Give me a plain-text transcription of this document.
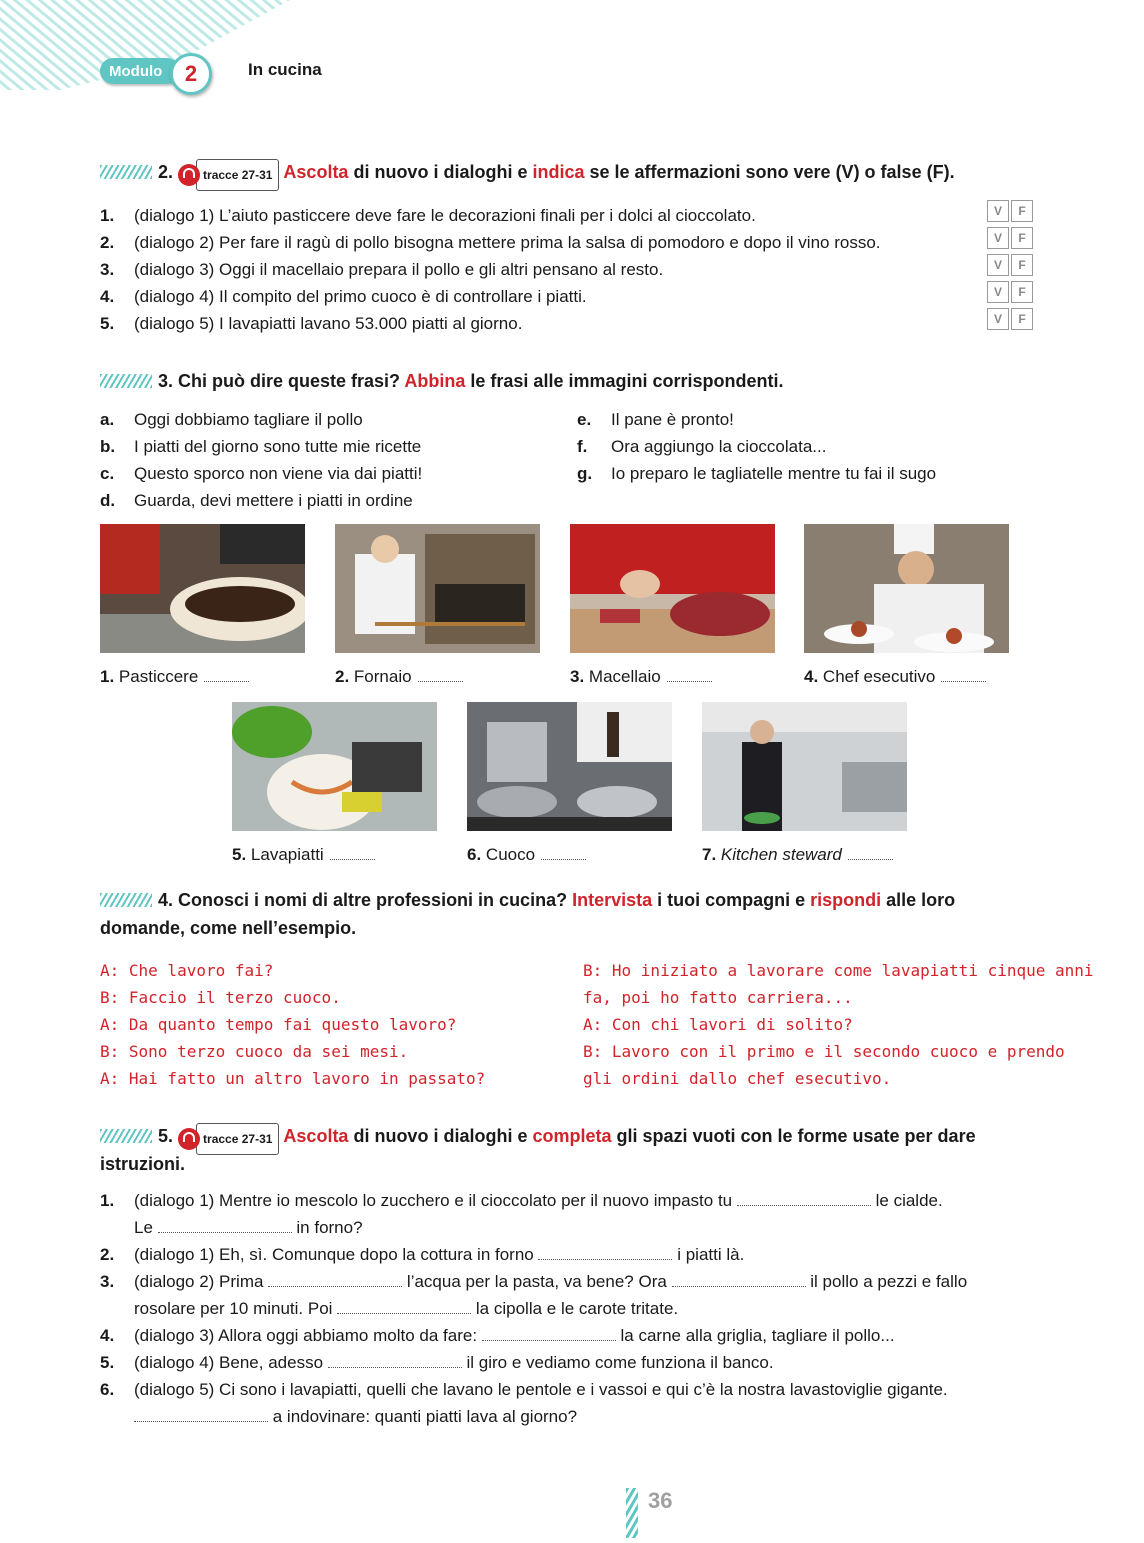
Modulo	2	In cucina
2.	tracce 27-31 Ascolta di nuovo i dialoghi e indica se le affermazioni sono vere (V) o false (F).
1. (dialogo 1) L’aiuto pasticcere deve fare le decorazioni finali per i dolci al cioccolato.	V F
2. (dialogo 2) Per fare il ragù di pollo bisogna mettere prima la salsa di pomodoro e dopo il vino rosso.	V F
3. (dialogo 3) Oggi il macellaio prepara il pollo e gli altri pensano al resto.	V F
4. (dialogo 4) Il compito del primo cuoco è di controllare i piatti.	V F
5. (dialogo 5) I lavapiatti lavano 53.000 piatti al giorno.	V F
3. Chi può dire queste frasi? Abbina le frasi alle immagini corrispondenti.
a. Oggi dobbiamo tagliare il pollo
b. I piatti del giorno sono tutte mie ricette
c. Questo sporco non viene via dai piatti!
d. Guarda, devi mettere i piatti in ordine
e. Il pane è pronto!
f. Ora aggiungo la cioccolata...
g. Io preparo le tagliatelle mentre tu fai il sugo
1. Pasticcere	2. Fornaio	3. Macellaio	4. Chef esecutivo
5. Lavapiatti	6. Cuoco	7. Kitchen steward
4. Conosci i nomi di altre professioni in cucina? Intervista i tuoi compagni e rispondi alle loro
domande, come nell’esempio.
A: Che lavoro fai?
B: Faccio il terzo cuoco.
A: Da quanto tempo fai questo lavoro?
B: Sono terzo cuoco da sei mesi.
A: Hai fatto un altro lavoro in passato?
B: Ho iniziato a lavorare come lavapiatti cinque anni
fa, poi ho fatto carriera...
A: Con chi lavori di solito?
B: Lavoro con il primo e il secondo cuoco e prendo
gli ordini dallo chef esecutivo.
5.	tracce 27-31 Ascolta di nuovo i dialoghi e completa gli spazi vuoti con le forme usate per dare
istruzioni.
1. (dialogo 1) Mentre io mescolo lo zucchero e il cioccolato per il nuovo impasto tu	le cialde.
Le	in forno?
2. (dialogo 1) Eh, sì. Comunque dopo la cottura in forno	i piatti là.
3. (dialogo 2) Prima	l’acqua per la pasta, va bene? Ora	il pollo a pezzi e fallo
rosolare per 10 minuti. Poi	la cipolla e le carote tritate.
4. (dialogo 3) Allora oggi abbiamo molto da fare:	la carne alla griglia, tagliare il pollo...
5. (dialogo 4) Bene, adesso	il giro e vediamo come funziona il banco.
6. (dialogo 5) Ci sono i lavapiatti, quelli che lavano le pentole e i vassoi e qui c’è la nostra lavastoviglie gigante.
a indovinare: quanti piatti lava al giorno?
36
